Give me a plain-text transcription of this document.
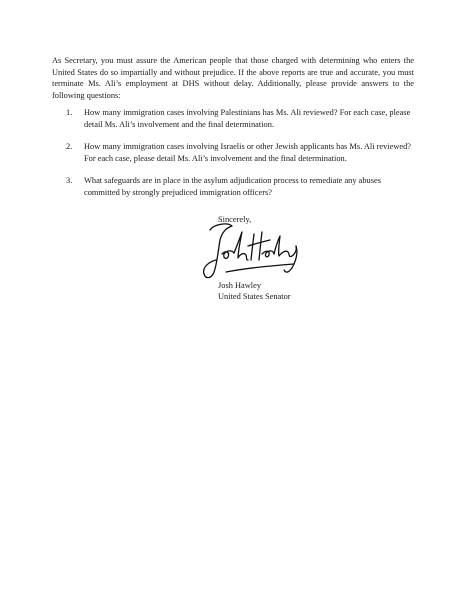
As Secretary, you must assure the American people that those charged with determining who enters the United States do so impartially and without prejudice. If the above reports are true and accurate, you must terminate Ms. Ali’s employment at DHS without delay. Additionally, please provide answers to the following questions:

1. How many immigration cases involving Palestinians has Ms. Ali reviewed? For each case, please detail Ms. Ali’s involvement and the final determination.
2. How many immigration cases involving Israelis or other Jewish applicants has Ms. Ali reviewed? For each case, please detail Ms. Ali’s involvement and the final determination.
3. What safeguards are in place in the asylum adjudication process to remediate any abuses committed by strongly prejudiced immigration officers?
Sincerely,
Josh Hawley
United States Senator
